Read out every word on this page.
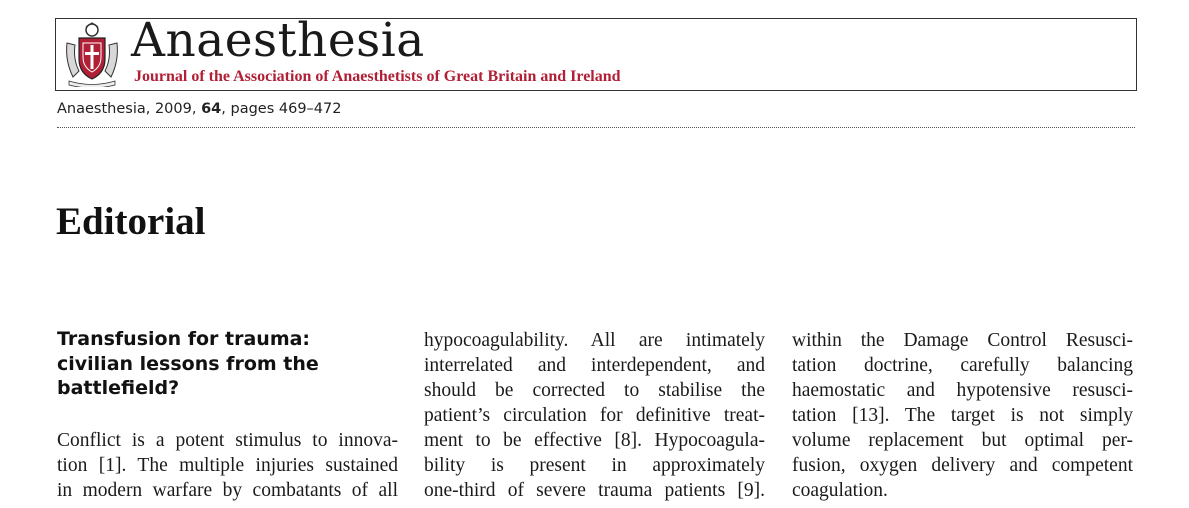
Anaesthesia
Journal of the Association of Anaesthetists of Great Britain and Ireland
Anaesthesia, 2009, 64, pages 469–472
Editorial
Transfusion for trauma:
civilian lessons from the
battlefield?
Conflict is a potent stimulus to innova-
tion [1]. The multiple injuries sustained
in modern warfare by combatants of all
hypocoagulability. All are intimately
interrelated and interdependent, and
should be corrected to stabilise the
patient’s circulation for definitive treat-
ment to be effective [8]. Hypocoagula-
bility is present in approximately
one-third of severe trauma patients [9].
within the Damage Control Resusci-
tation doctrine, carefully balancing
haemostatic and hypotensive resusci-
tation [13]. The target is not simply
volume replacement but optimal per-
fusion, oxygen delivery and competent
coagulation.
